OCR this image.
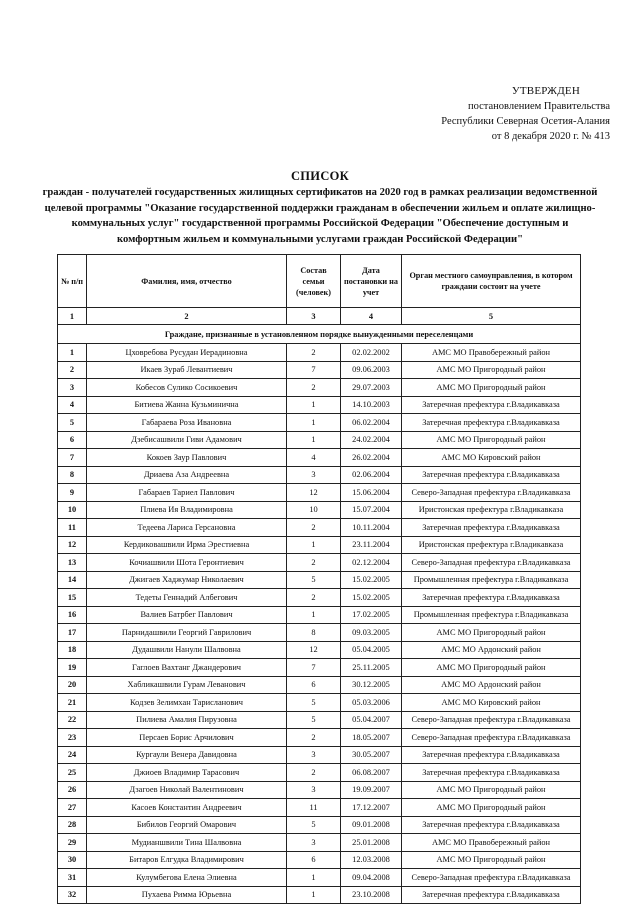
УТВЕРЖДЕН
постановлением Правительства
Республики Северная Осетия-Алания
от 8 декабря 2020 г. № 413
СПИСОК
граждан - получателей государственных жилищных сертификатов на 2020 год в рамках реализации ведомственной целевой программы "Оказание государственной поддержки гражданам в обеспечении жильем и оплате жилищно-коммунальных услуг" государственной программы Российской Федерации "Обеспечение доступным и комфортным жильем и коммунальными услугами граждан Российской Федерации"
№ п/п	Фамилия, имя, отчество	Состав семьи (человек)	Дата постановки на учет	Орган местного самоуправления, в котором граждани состоит на учете
1	2	3	4	5
Граждане, признанные в установленном порядке вынужденными переселенцами				
1	Цховребова Русудан Иерадиновна	2	02.02.2002	АМС МО Правобережный район
2	Икаев Зураб Левантиевич	7	09.06.2003	АМС МО Пригородный район
3	Кобесов Сулико Сосикоевич	2	29.07.2003	АМС МО Пригородный район
4	Битиева Жанна Кузьминична	1	14.10.2003	Затеречная префектура г.Владикавказа
5	Габараева Роза Ивановна	1	06.02.2004	Затеречная префектура г.Владикавказа
6	Дзебисашвили Гиви Адамович	1	24.02.2004	АМС МО Пригородный район
7	Кокоев Заур Павлович	4	26.02.2004	АМС МО Кировский район
8	Дриаева Аза Андреевна	3	02.06.2004	Затеречная префектура г.Владикавказа
9	Габараев Тариел Павлович	12	15.06.2004	Северо-Западная префектура г.Владикавказа
10	Плиева Ия Владимировна	10	15.07.2004	Иристонская префектура г.Владикавказа
11	Тедеева Лариса Герсановна	2	10.11.2004	Затеречная префектура г.Владикавказа
12	Кердиковашвили Ирма Эрестиевна	1	23.11.2004	Иристонская префектура г.Владикавказа
13	Кочиашвили Шота Геронтиевич	2	02.12.2004	Северо-Западная префектура г.Владикавказа
14	Джигаев Хаджумар Николаевич	5	15.02.2005	Промышленная префектура г.Владикавказа
15	Тедеты Геннадий Албегович	2	15.02.2005	Затеречная префектура г.Владикавказа
16	Валиев Батрбег Павлович	1	17.02.2005	Промышленная префектура г.Владикавказа
17	Парнидашвили Георгий Гаврилович	8	09.03.2005	АМС МО Пригородный район
18	Дудашвили Нанули Шалвовна	12	05.04.2005	АМС МО Ардонский район
19	Гаглоев Вахтанг Джандерович	7	25.11.2005	АМС МО Пригородный район
20	Хабликашвили Гурам Леванович	6	30.12.2005	АМС МО Ардонский район
21	Кодзев Зелимхан Тарисланович	5	05.03.2006	АМС МО Кировский район
22	Пилиева Амалия Пирузовна	5	05.04.2007	Северо-Западная префектура г.Владикавказа
23	Персаев Борис Арчилович	2	18.05.2007	Северо-Западная префектура г.Владикавказа
24	Кургаули Венера Давидовна	3	30.05.2007	Затеречная префектура г.Владикавказа
25	Джиоев Владимир Тарасович	2	06.08.2007	Затеречная префектура г.Владикавказа
26	Дзагоев Николай Валентинович	3	19.09.2007	АМС МО Пригородный район
27	Касоев Константин Андреевич	11	17.12.2007	АМС МО Пригородный район
28	Бибилов Георгий Омарович	5	09.01.2008	Затеречная префектура г.Владикавказа
29	Мудианшвили Тина Шалвовна	3	25.01.2008	АМС МО Правобережный район
30	Битаров Елгудка Владимирович	6	12.03.2008	АМС МО Пригородный район
31	Кулумбегова Елена Элиевна	1	09.04.2008	Северо-Западная префектура г.Владикавказа
32	Пухаева Римма Юрьевна	1	23.10.2008	Затеречная префектура г.Владикавказа
